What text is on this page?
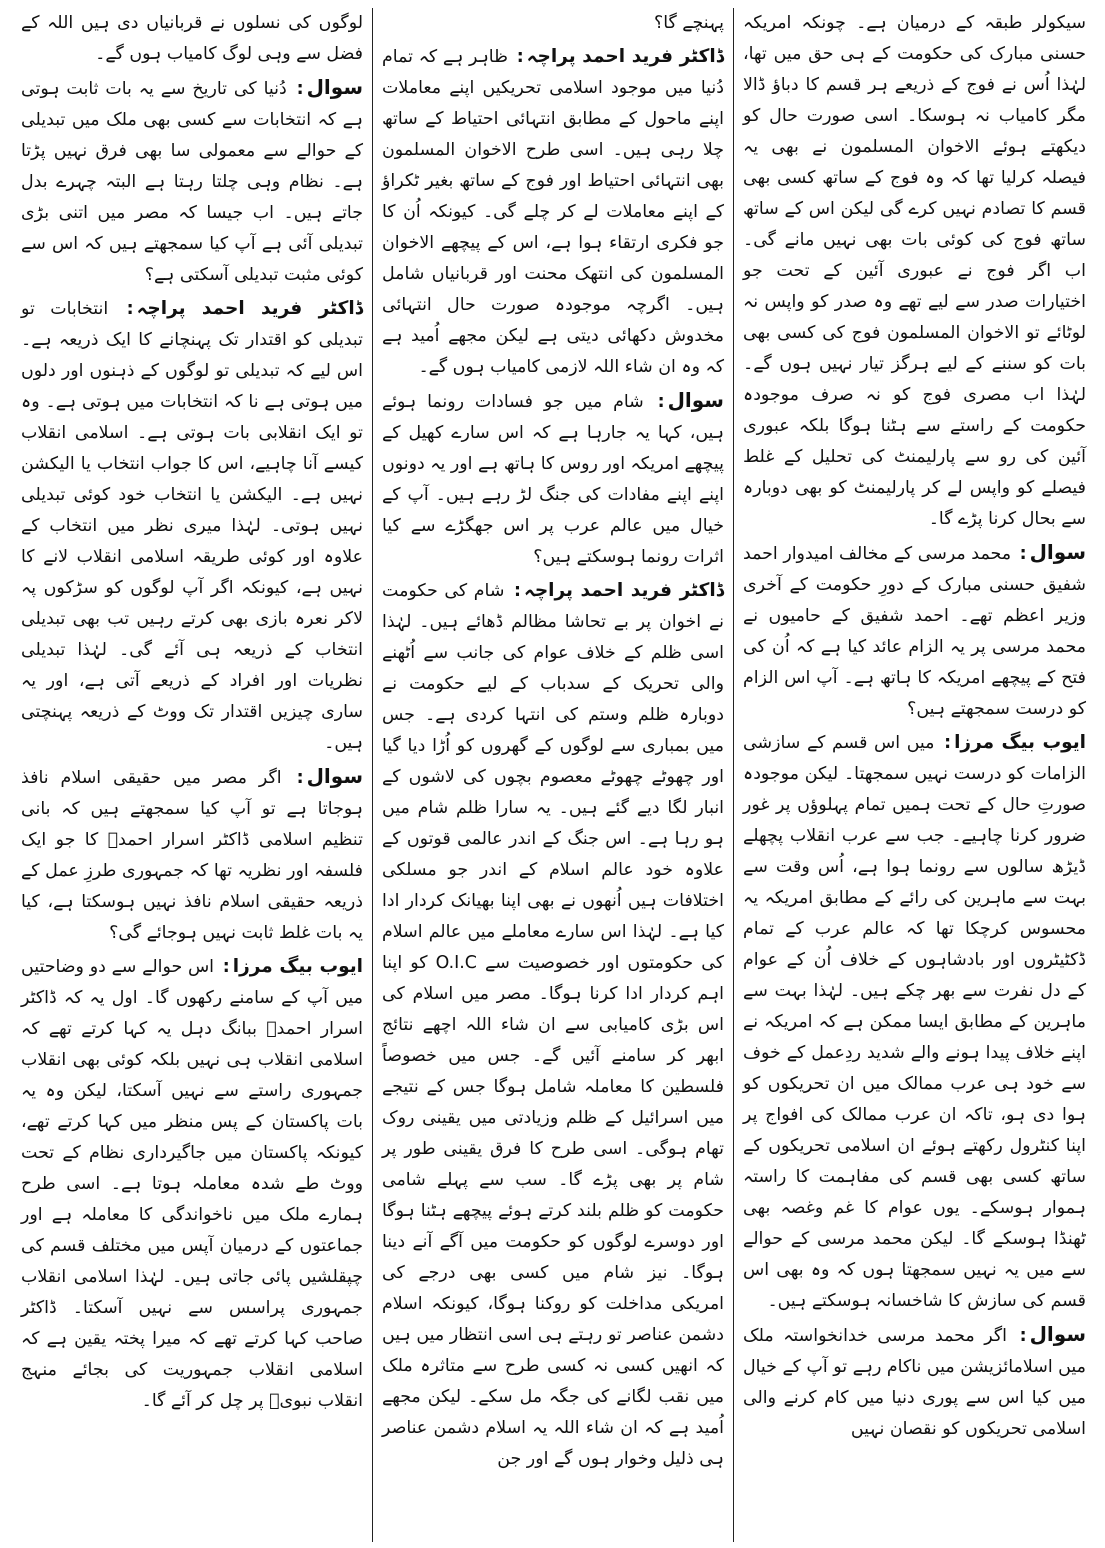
سیکولر طبقہ کے درمیان ہے۔ چونکہ امریکہ حسنی مبارک کی حکومت کے ہی حق میں تھا، لہٰذا اُس نے فوج کے ذریعے ہر قسم کا دباؤ ڈالا مگر کامیاب نہ ہوسکا۔ اسی صورت حال کو دیکھتے ہوئے الاخوان المسلمون نے بھی یہ فیصلہ کرلیا تھا کہ وہ فوج کے ساتھ کسی بھی قسم کا تصادم نہیں کرے گی لیکن اس کے ساتھ ساتھ فوج کی کوئی بات بھی نہیں مانے گی۔ اب اگر فوج نے عبوری آئین کے تحت جو اختیارات صدر سے لیے تھے وہ صدر کو واپس نہ لوٹائے تو الاخوان المسلمون فوج کی کسی بھی بات کو سننے کے لیے ہرگز تیار نہیں ہوں گے۔ لہٰذا اب مصری فوج کو نہ صرف موجودہ حکومت کے راستے سے ہٹنا ہوگا بلکہ عبوری آئین کی رو سے پارلیمنٹ کی تحلیل کے غلط فیصلے کو واپس لے کر پارلیمنٹ کو بھی دوبارہ سے بحال کرنا پڑے گا۔

سوال: محمد مرسی کے مخالف امیدوار احمد شفیق حسنی مبارک کے دورِ حکومت کے آخری وزیر اعظم تھے۔ احمد شفیق کے حامیوں نے محمد مرسی پر یہ الزام عائد کیا ہے کہ اُن کی فتح کے پیچھے امریکہ کا ہاتھ ہے۔ آپ اس الزام کو درست سمجھتے ہیں؟

ایوب بیگ مرزا: میں اس قسم کے سازشی الزامات کو درست نہیں سمجھتا۔ لیکن موجودہ صورتِ حال کے تحت ہمیں تمام پہلوؤں پر غور ضرور کرنا چاہیے۔ جب سے عرب انقلاب پچھلے ڈیڑھ سالوں سے رونما ہوا ہے، اُس وقت سے بہت سے ماہرین کی رائے کے مطابق امریکہ یہ محسوس کرچکا تھا کہ عالم عرب کے تمام ڈکٹیٹروں اور بادشاہوں کے خلاف اُن کے عوام کے دل نفرت سے بھر چکے ہیں۔ لہٰذا بہت سے ماہرین کے مطابق ایسا ممکن ہے کہ امریکہ نے اپنے خلاف پیدا ہونے والے شدید ردِعمل کے خوف سے خود ہی عرب ممالک میں ان تحریکوں کو ہوا دی ہو، تاکہ ان عرب ممالک کی افواج پر اپنا کنٹرول رکھتے ہوئے ان اسلامی تحریکوں کے ساتھ کسی بھی قسم کی مفاہمت کا راستہ ہموار ہوسکے۔ یوں عوام کا غم وغصہ بھی ٹھنڈا ہوسکے گا۔ لیکن محمد مرسی کے حوالے سے میں یہ نہیں سمجھتا ہوں کہ وہ بھی اس قسم کی سازش کا شاخسانہ ہوسکتے ہیں۔

سوال: اگر محمد مرسی خدانخواستہ ملک میں اسلامائزیشن میں ناکام رہے تو آپ کے خیال میں کیا اس سے پوری دنیا میں کام کرنے والی اسلامی تحریکوں کو نقصان نہیں

پہنچے گا؟

ڈاکٹر فرید احمد پراچہ: ظاہر ہے کہ تمام دُنیا میں موجود اسلامی تحریکیں اپنے معاملات اپنے ماحول کے مطابق انتہائی احتیاط کے ساتھ چلا رہی ہیں۔ اسی طرح الاخوان المسلمون بھی انتہائی احتیاط اور فوج کے ساتھ بغیر ٹکراؤ کے اپنے معاملات لے کر چلے گی۔ کیونکہ اُن کا جو فکری ارتقاء ہوا ہے، اس کے پیچھے الاخوان المسلمون کی انتھک محنت اور قربانیاں شامل ہیں۔ اگرچہ موجودہ صورت حال انتہائی مخدوش دکھائی دیتی ہے لیکن مجھے اُمید ہے کہ وہ ان شاء اللہ لازمی کامیاب ہوں گے۔

سوال: شام میں جو فسادات رونما ہوئے ہیں، کہا یہ جارہا ہے کہ اس سارے کھیل کے پیچھے امریکہ اور روس کا ہاتھ ہے اور یہ دونوں اپنے اپنے مفادات کی جنگ لڑ رہے ہیں۔ آپ کے خیال میں عالم عرب پر اس جھگڑے سے کیا اثرات رونما ہوسکتے ہیں؟

ڈاکٹر فرید احمد پراچہ: شام کی حکومت نے اخوان پر بے تحاشا مظالم ڈھائے ہیں۔ لہٰذا اسی ظلم کے خلاف عوام کی جانب سے اُٹھنے والی تحریک کے سدباب کے لیے حکومت نے دوبارہ ظلم وستم کی انتہا کردی ہے۔ جس میں بمباری سے لوگوں کے گھروں کو اُڑا دیا گیا اور چھوٹے چھوٹے معصوم بچوں کی لاشوں کے انبار لگا دیے گئے ہیں۔ یہ سارا ظلم شام میں ہو رہا ہے۔ اس جنگ کے اندر عالمی قوتوں کے علاوہ خود عالم اسلام کے اندر جو مسلکی اختلافات ہیں اُنھوں نے بھی اپنا بھیانک کردار ادا کیا ہے۔ لہٰذا اس سارے معاملے میں عالم اسلام کی حکومتوں اور خصوصیت سے O.I.C کو اپنا اہم کردار ادا کرنا ہوگا۔ مصر میں اسلام کی اس بڑی کامیابی سے ان شاء اللہ اچھے نتائج ابھر کر سامنے آئیں گے۔ جس میں خصوصاً فلسطین کا معاملہ شامل ہوگا جس کے نتیجے میں اسرائیل کے ظلم وزیادتی میں یقینی روک تھام ہوگی۔ اسی طرح کا فرق یقینی طور پر شام پر بھی پڑے گا۔ سب سے پہلے شامی حکومت کو ظلم بلند کرتے ہوئے پیچھے ہٹنا ہوگا اور دوسرے لوگوں کو حکومت میں آگے آنے دینا ہوگا۔ نیز شام میں کسی بھی درجے کی امریکی مداخلت کو روکنا ہوگا، کیونکہ اسلام دشمن عناصر تو رہتے ہی اسی انتظار میں ہیں کہ انھیں کسی نہ کسی طرح سے متاثرہ ملک میں نقب لگانے کی جگہ مل سکے۔ لیکن مجھے اُمید ہے کہ ان شاء اللہ یہ اسلام دشمن عناصر ہی ذلیل وخوار ہوں گے اور جن

لوگوں کی نسلوں نے قربانیاں دی ہیں اللہ کے فضل سے وہی لوگ کامیاب ہوں گے۔

سوال: دُنیا کی تاریخ سے یہ بات ثابت ہوتی ہے کہ انتخابات سے کسی بھی ملک میں تبدیلی کے حوالے سے معمولی سا بھی فرق نہیں پڑتا ہے۔ نظام وہی چلتا رہتا ہے البتہ چہرے بدل جاتے ہیں۔ اب جیسا کہ مصر میں اتنی بڑی تبدیلی آئی ہے آپ کیا سمجھتے ہیں کہ اس سے کوئی مثبت تبدیلی آسکتی ہے؟

ڈاکٹر فرید احمد پراچہ: انتخابات تو تبدیلی کو اقتدار تک پہنچانے کا ایک ذریعہ ہے۔ اس لیے کہ تبدیلی تو لوگوں کے ذہنوں اور دلوں میں ہوتی ہے نا کہ انتخابات میں ہوتی ہے۔ وہ تو ایک انقلابی بات ہوتی ہے۔ اسلامی انقلاب کیسے آنا چاہیے، اس کا جواب انتخاب یا الیکشن نہیں ہے۔ الیکشن یا انتخاب خود کوئی تبدیلی نہیں ہوتی۔ لہٰذا میری نظر میں انتخاب کے علاوہ اور کوئی طریقہ اسلامی انقلاب لانے کا نہیں ہے، کیونکہ اگر آپ لوگوں کو سڑکوں پہ لاکر نعرہ بازی بھی کرتے رہیں تب بھی تبدیلی انتخاب کے ذریعہ ہی آئے گی۔ لہٰذا تبدیلی نظریات اور افراد کے ذریعے آتی ہے، اور یہ ساری چیزیں اقتدار تک ووٹ کے ذریعہ پہنچتی ہیں۔

سوال: اگر مصر میں حقیقی اسلام نافذ ہوجاتا ہے تو آپ کیا سمجھتے ہیں کہ بانی تنظیم اسلامی ڈاکٹر اسرار احمدؒ کا جو ایک فلسفہ اور نظریہ تھا کہ جمہوری طرزِ عمل کے ذریعہ حقیقی اسلام نافذ نہیں ہوسکتا ہے، کیا یہ بات غلط ثابت نہیں ہوجائے گی؟

ایوب بیگ مرزا: اس حوالے سے دو وضاحتیں میں آپ کے سامنے رکھوں گا۔ اول یہ کہ ڈاکٹر اسرار احمدؒ ببانگ دہل یہ کہا کرتے تھے کہ اسلامی انقلاب ہی نہیں بلکہ کوئی بھی انقلاب جمہوری راستے سے نہیں آسکتا، لیکن وہ یہ بات پاکستان کے پس منظر میں کہا کرتے تھے، کیونکہ پاکستان میں جاگیرداری نظام کے تحت ووٹ طے شدہ معاملہ ہوتا ہے۔ اسی طرح ہمارے ملک میں ناخواندگی کا معاملہ ہے اور جماعتوں کے درمیان آپس میں مختلف قسم کی چپقلشیں پائی جاتی ہیں۔ لہٰذا اسلامی انقلاب جمہوری پراسس سے نہیں آسکتا۔ ڈاکٹر صاحب کہا کرتے تھے کہ میرا پختہ یقین ہے کہ اسلامی انقلاب جمہوریت کی بجائے منہج انقلاب نبویؐ پر چل کر آئے گا۔
